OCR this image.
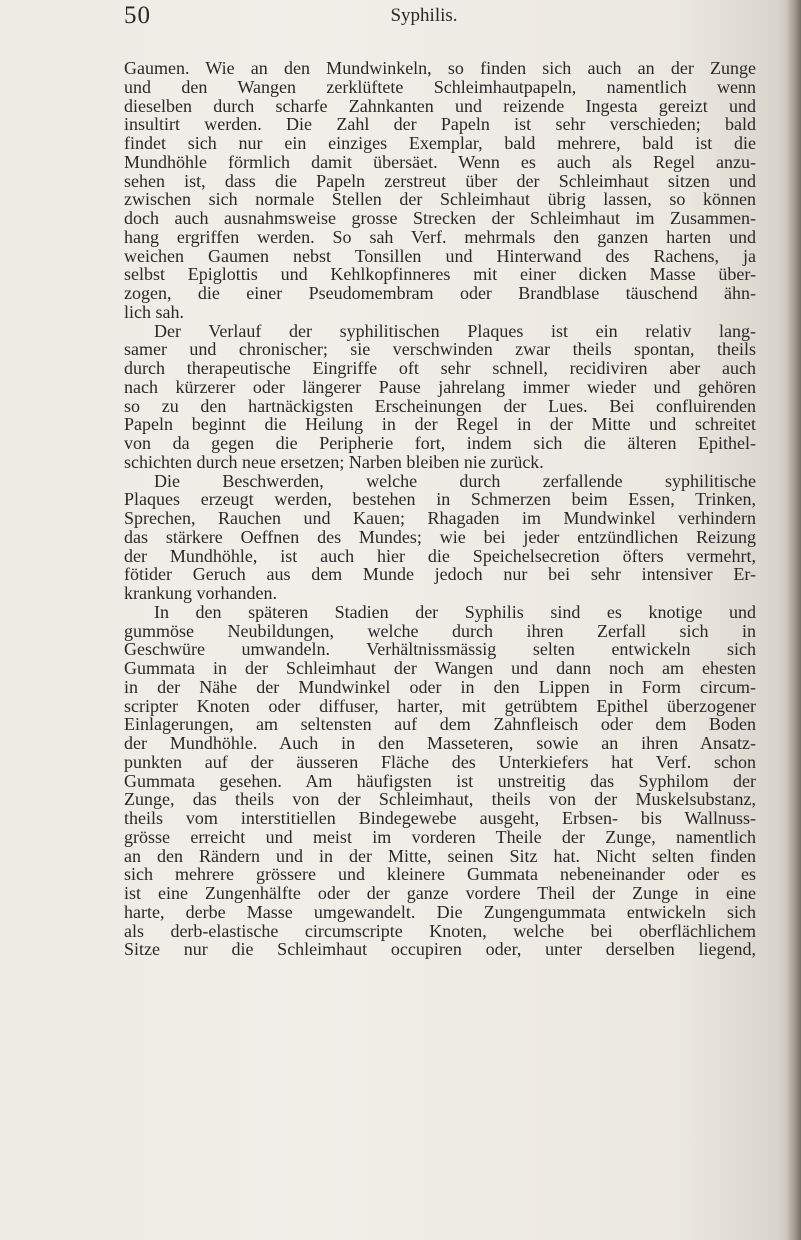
50	Syphilis.
Gaumen. Wie an den Mundwinkeln, so finden sich auch an der Zunge
und den Wangen zerklüftete Schleimhautpapeln, namentlich wenn
dieselben durch scharfe Zahnkanten und reizende Ingesta gereizt und
insultirt werden. Die Zahl der Papeln ist sehr verschieden; bald
findet sich nur ein einziges Exemplar, bald mehrere, bald ist die
Mundhöhle förmlich damit übersäet. Wenn es auch als Regel anzu-
sehen ist, dass die Papeln zerstreut über der Schleimhaut sitzen und
zwischen sich normale Stellen der Schleimhaut übrig lassen, so können
doch auch ausnahmsweise grosse Strecken der Schleimhaut im Zusammen-
hang ergriffen werden. So sah Verf. mehrmals den ganzen harten und
weichen Gaumen nebst Tonsillen und Hinterwand des Rachens, ja
selbst Epiglottis und Kehlkopfinneres mit einer dicken Masse über-
zogen, die einer Pseudomembram oder Brandblase täuschend ähn-
lich sah.
Der Verlauf der syphilitischen Plaques ist ein relativ lang-
samer und chronischer; sie verschwinden zwar theils spontan, theils
durch therapeutische Eingriffe oft sehr schnell, recidiviren aber auch
nach kürzerer oder längerer Pause jahrelang immer wieder und gehören
so zu den hartnäckigsten Erscheinungen der Lues. Bei confluirenden
Papeln beginnt die Heilung in der Regel in der Mitte und schreitet
von da gegen die Peripherie fort, indem sich die älteren Epithel-
schichten durch neue ersetzen; Narben bleiben nie zurück.
Die Beschwerden, welche durch zerfallende syphilitische
Plaques erzeugt werden, bestehen in Schmerzen beim Essen, Trinken,
Sprechen, Rauchen und Kauen; Rhagaden im Mundwinkel verhindern
das stärkere Oeffnen des Mundes; wie bei jeder entzündlichen Reizung
der Mundhöhle, ist auch hier die Speichelsecretion öfters vermehrt,
fötider Geruch aus dem Munde jedoch nur bei sehr intensiver Er-
krankung vorhanden.
In den späteren Stadien der Syphilis sind es knotige und
gummöse Neubildungen, welche durch ihren Zerfall sich in
Geschwüre umwandeln. Verhältnissmässig selten entwickeln sich
Gummata in der Schleimhaut der Wangen und dann noch am ehesten
in der Nähe der Mundwinkel oder in den Lippen in Form circum-
scripter Knoten oder diffuser, harter, mit getrübtem Epithel überzogener
Einlagerungen, am seltensten auf dem Zahnfleisch oder dem Boden
der Mundhöhle. Auch in den Masseteren, sowie an ihren Ansatz-
punkten auf der äusseren Fläche des Unterkiefers hat Verf. schon
Gummata gesehen. Am häufigsten ist unstreitig das Syphilom der
Zunge, das theils von der Schleimhaut, theils von der Muskelsubstanz,
theils vom interstitiellen Bindegewebe ausgeht, Erbsen- bis Wallnuss-
grösse erreicht und meist im vorderen Theile der Zunge, namentlich
an den Rändern und in der Mitte, seinen Sitz hat. Nicht selten finden
sich mehrere grössere und kleinere Gummata nebeneinander oder es
ist eine Zungenhälfte oder der ganze vordere Theil der Zunge in eine
harte, derbe Masse umgewandelt. Die Zungengummata entwickeln sich
als derb-elastische circumscripte Knoten, welche bei oberflächlichem
Sitze nur die Schleimhaut occupiren oder, unter derselben liegend,
